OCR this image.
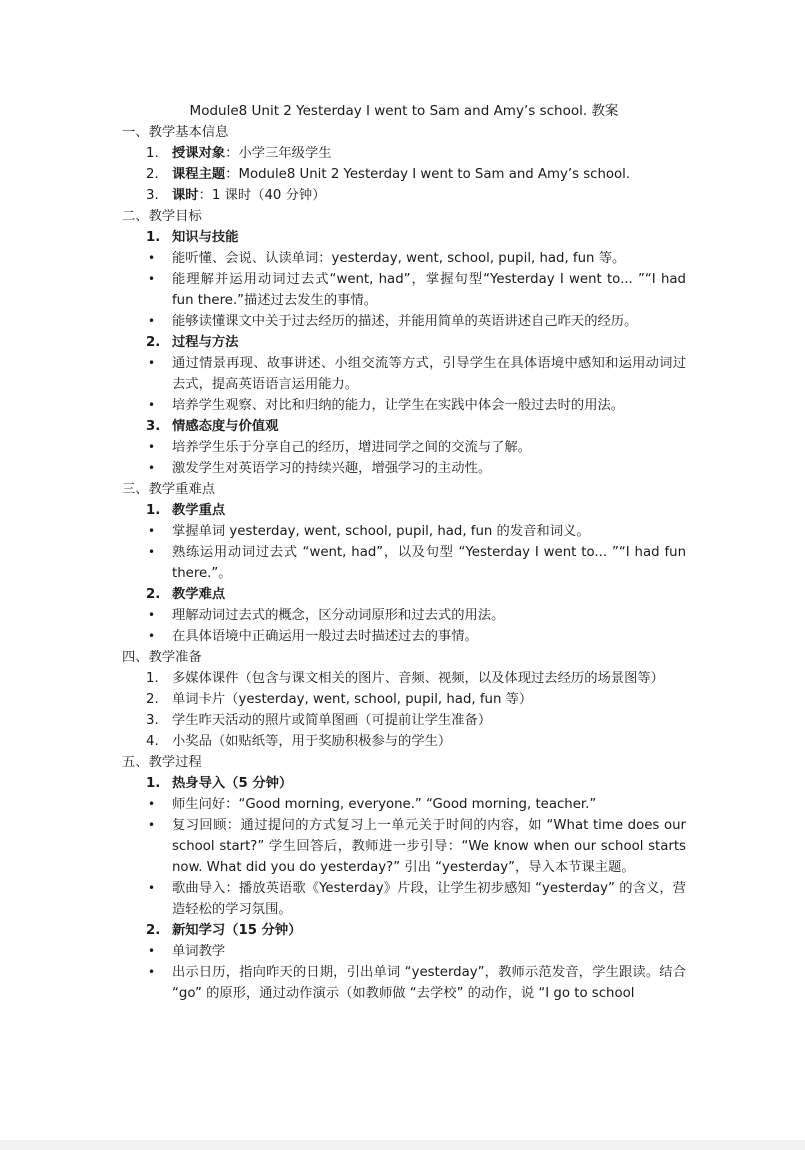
Module8 Unit 2 Yesterday I went to Sam and Amy’s school. 教案
一、教学基本信息
1. 授课对象：小学三年级学生
2. 课程主题：Module8 Unit 2 Yesterday I went to Sam and Amy’s school.
3. 课时：1 课时（40 分钟）
二、教学目标
1. 知识与技能
• 能听懂、会说、认读单词：yesterday, went, school, pupil, had, fun 等。
• 能理解并运用动词过去式“went, had”，掌握句型“Yesterday I went to... ”“I had fun there.”描述过去发生的事情。
• 能够读懂课文中关于过去经历的描述，并能用简单的英语讲述自己昨天的经历。
2. 过程与方法
• 通过情景再现、故事讲述、小组交流等方式，引导学生在具体语境中感知和运用动词过去式，提高英语语言运用能力。
• 培养学生观察、对比和归纳的能力，让学生在实践中体会一般过去时的用法。
3. 情感态度与价值观
• 培养学生乐于分享自己的经历，增进同学之间的交流与了解。
• 激发学生对英语学习的持续兴趣，增强学习的主动性。
三、教学重难点
1. 教学重点
• 掌握单词 yesterday, went, school, pupil, had, fun 的发音和词义。
• 熟练运用动词过去式 “went, had”，以及句型 “Yesterday I went to... ”“I had fun there.”。
2. 教学难点
• 理解动词过去式的概念，区分动词原形和过去式的用法。
• 在具体语境中正确运用一般过去时描述过去的事情。
四、教学准备
1. 多媒体课件（包含与课文相关的图片、音频、视频，以及体现过去经历的场景图等）
2. 单词卡片（yesterday, went, school, pupil, had, fun 等）
3. 学生昨天活动的照片或简单图画（可提前让学生准备）
4. 小奖品（如贴纸等，用于奖励积极参与的学生）
五、教学过程
1. 热身导入（5 分钟）
• 师生问好：“Good morning, everyone.” “Good morning, teacher.”
• 复习回顾：通过提问的方式复习上一单元关于时间的内容，如 “What time does our school start?” 学生回答后，教师进一步引导：“We know when our school starts now. What did you do yesterday?” 引出 “yesterday”，导入本节课主题。
• 歌曲导入：播放英语歌《Yesterday》片段，让学生初步感知 “yesterday” 的含义，营造轻松的学习氛围。
2. 新知学习（15 分钟）
• 单词教学
• 出示日历，指向昨天的日期，引出单词 “yesterday”，教师示范发音，学生跟读。结合 “go” 的原形，通过动作演示（如教师做 “去学校” 的动作，说 “I go to school
